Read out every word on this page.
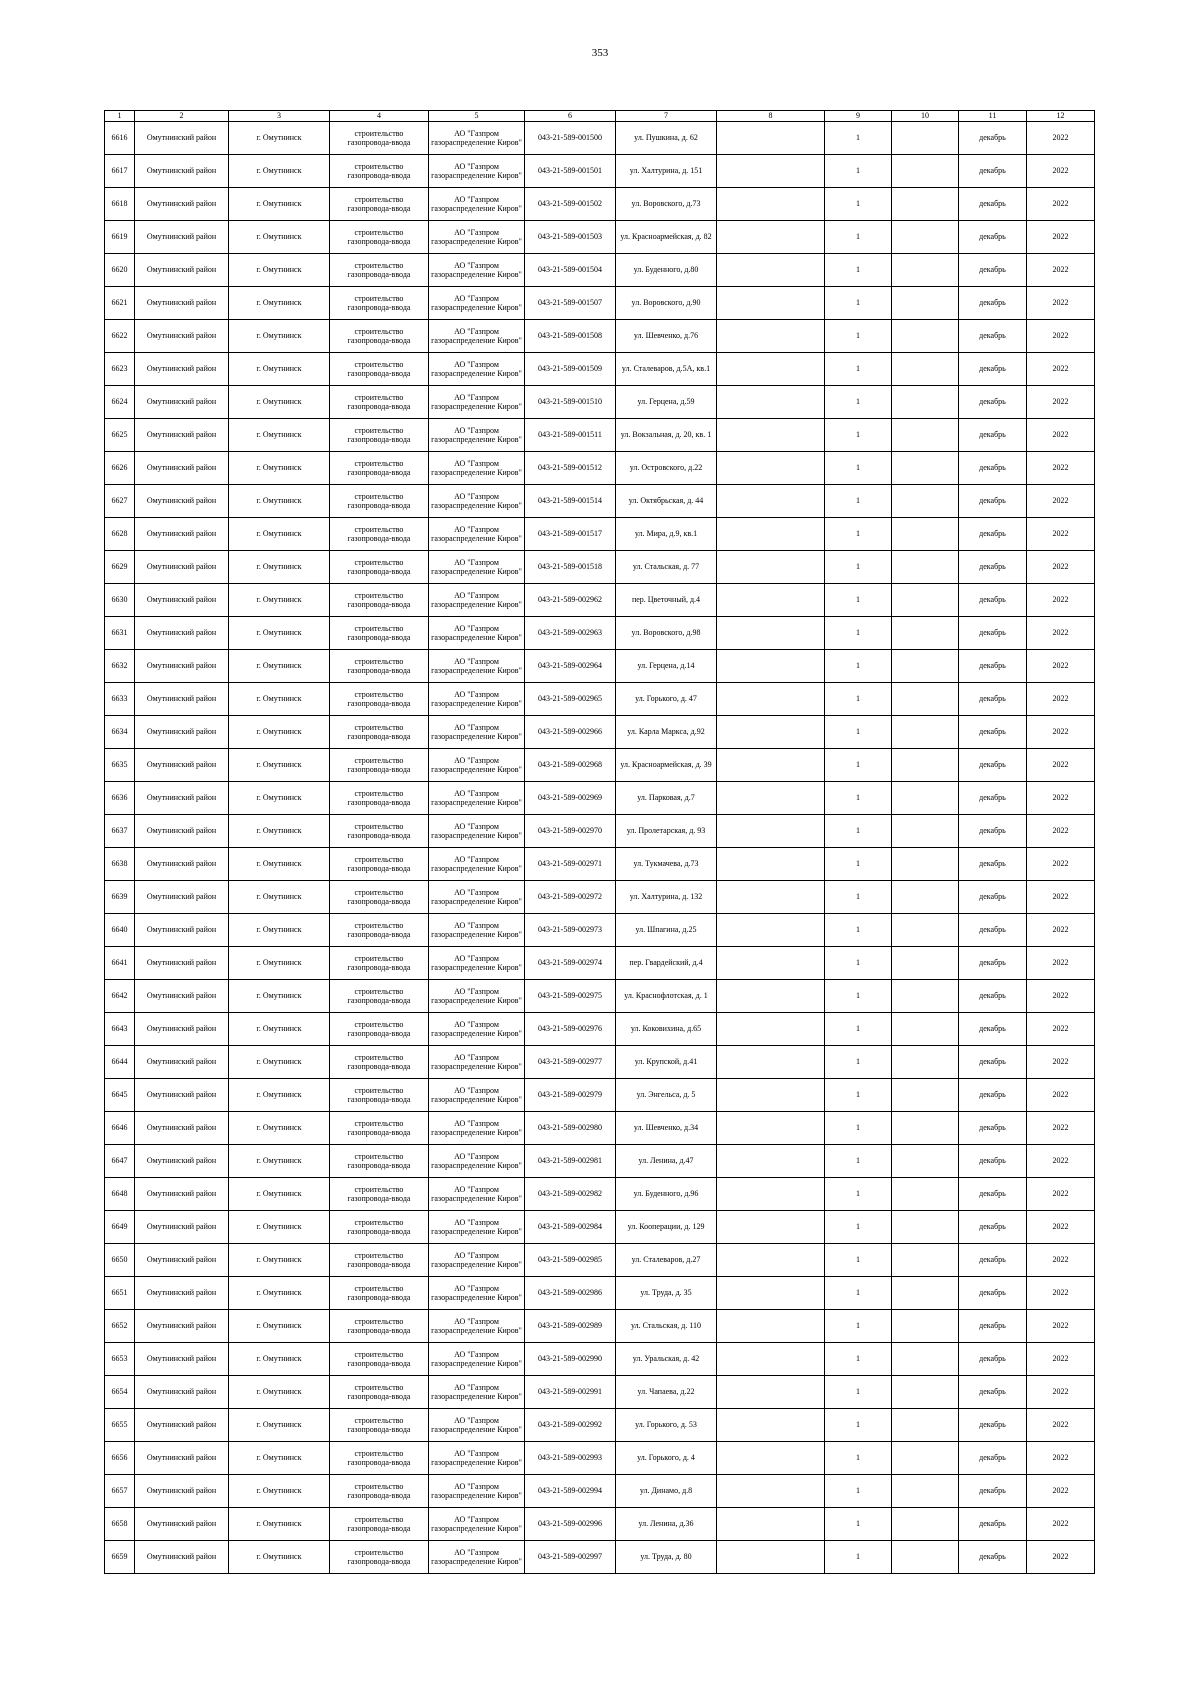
353
1	2	3	4	5	6	7	8	9	10	11	12

6616	Омутнинский район	г. Омутнинск	строительство газопровода-ввода	АО "Газпром газораспределение Киров"	043-21-589-001500	ул. Пушкина, д. 62		1		декабрь	2022

6617	Омутнинский район	г. Омутнинск	строительство газопровода-ввода	АО "Газпром газораспределение Киров"	043-21-589-001501	ул. Халтурина, д. 151		1		декабрь	2022

6618	Омутнинский район	г. Омутнинск	строительство газопровода-ввода	АО "Газпром газораспределение Киров"	043-21-589-001502	ул. Воровского, д.73		1		декабрь	2022

6619	Омутнинский район	г. Омутнинск	строительство газопровода-ввода	АО "Газпром газораспределение Киров"	043-21-589-001503	ул. Красноармейская, д. 82		1		декабрь	2022

6620	Омутнинский район	г. Омутнинск	строительство газопровода-ввода	АО "Газпром газораспределение Киров"	043-21-589-001504	ул. Буденного, д.80		1		декабрь	2022

6621	Омутнинский район	г. Омутнинск	строительство газопровода-ввода	АО "Газпром газораспределение Киров"	043-21-589-001507	ул. Воровского, д.90		1		декабрь	2022

6622	Омутнинский район	г. Омутнинск	строительство газопровода-ввода	АО "Газпром газораспределение Киров"	043-21-589-001508	ул. Шевченко, д.76		1		декабрь	2022

6623	Омутнинский район	г. Омутнинск	строительство газопровода-ввода	АО "Газпром газораспределение Киров"	043-21-589-001509	ул. Сталеваров, д.5А, кв.1		1		декабрь	2022

6624	Омутнинский район	г. Омутнинск	строительство газопровода-ввода	АО "Газпром газораспределение Киров"	043-21-589-001510	ул. Герцена, д.59		1		декабрь	2022

6625	Омутнинский район	г. Омутнинск	строительство газопровода-ввода	АО "Газпром газораспределение Киров"	043-21-589-001511	ул. Вокзальная, д. 20, кв. 1		1		декабрь	2022

6626	Омутнинский район	г. Омутнинск	строительство газопровода-ввода	АО "Газпром газораспределение Киров"	043-21-589-001512	ул. Островского, д.22		1		декабрь	2022

6627	Омутнинский район	г. Омутнинск	строительство газопровода-ввода	АО "Газпром газораспределение Киров"	043-21-589-001514	ул. Октябрьская, д. 44		1		декабрь	2022

6628	Омутнинский район	г. Омутнинск	строительство газопровода-ввода	АО "Газпром газораспределение Киров"	043-21-589-001517	ул. Мира, д.9, кв.1		1		декабрь	2022

6629	Омутнинский район	г. Омутнинск	строительство газопровода-ввода	АО "Газпром газораспределение Киров"	043-21-589-001518	ул. Стальская, д. 77		1		декабрь	2022

6630	Омутнинский район	г. Омутнинск	строительство газопровода-ввода	АО "Газпром газораспределение Киров"	043-21-589-002962	пер. Цветочный, д.4		1		декабрь	2022

6631	Омутнинский район	г. Омутнинск	строительство газопровода-ввода	АО "Газпром газораспределение Киров"	043-21-589-002963	ул. Воровского, д.98		1		декабрь	2022

6632	Омутнинский район	г. Омутнинск	строительство газопровода-ввода	АО "Газпром газораспределение Киров"	043-21-589-002964	ул. Герцена, д.14		1		декабрь	2022

6633	Омутнинский район	г. Омутнинск	строительство газопровода-ввода	АО "Газпром газораспределение Киров"	043-21-589-002965	ул. Горького, д. 47		1		декабрь	2022

6634	Омутнинский район	г. Омутнинск	строительство газопровода-ввода	АО "Газпром газораспределение Киров"	043-21-589-002966	ул. Карла Маркса, д.92		1		декабрь	2022

6635	Омутнинский район	г. Омутнинск	строительство газопровода-ввода	АО "Газпром газораспределение Киров"	043-21-589-002968	ул. Красноармейская, д. 39		1		декабрь	2022

6636	Омутнинский район	г. Омутнинск	строительство газопровода-ввода	АО "Газпром газораспределение Киров"	043-21-589-002969	ул. Парковая, д.7		1		декабрь	2022

6637	Омутнинский район	г. Омутнинск	строительство газопровода-ввода	АО "Газпром газораспределение Киров"	043-21-589-002970	ул. Пролетарская, д. 93		1		декабрь	2022

6638	Омутнинский район	г. Омутнинск	строительство газопровода-ввода	АО "Газпром газораспределение Киров"	043-21-589-002971	ул. Тукмачева, д.73		1		декабрь	2022

6639	Омутнинский район	г. Омутнинск	строительство газопровода-ввода	АО "Газпром газораспределение Киров"	043-21-589-002972	ул. Халтурина, д. 132		1		декабрь	2022

6640	Омутнинский район	г. Омутнинск	строительство газопровода-ввода	АО "Газпром газораспределение Киров"	043-21-589-002973	ул. Шпагина, д.25		1		декабрь	2022

6641	Омутнинский район	г. Омутнинск	строительство газопровода-ввода	АО "Газпром газораспределение Киров"	043-21-589-002974	пер. Гвардейский, д.4		1		декабрь	2022

6642	Омутнинский район	г. Омутнинск	строительство газопровода-ввода	АО "Газпром газораспределение Киров"	043-21-589-002975	ул. Краснофлотская, д. 1		1		декабрь	2022

6643	Омутнинский район	г. Омутнинск	строительство газопровода-ввода	АО "Газпром газораспределение Киров"	043-21-589-002976	ул. Коковихина, д.65		1		декабрь	2022

6644	Омутнинский район	г. Омутнинск	строительство газопровода-ввода	АО "Газпром газораспределение Киров"	043-21-589-002977	ул. Крупской, д.41		1		декабрь	2022

6645	Омутнинский район	г. Омутнинск	строительство газопровода-ввода	АО "Газпром газораспределение Киров"	043-21-589-002979	ул. Энгельса, д. 5		1		декабрь	2022

6646	Омутнинский район	г. Омутнинск	строительство газопровода-ввода	АО "Газпром газораспределение Киров"	043-21-589-002980	ул. Шевченко, д.34		1		декабрь	2022

6647	Омутнинский район	г. Омутнинск	строительство газопровода-ввода	АО "Газпром газораспределение Киров"	043-21-589-002981	ул. Ленина, д.47		1		декабрь	2022

6648	Омутнинский район	г. Омутнинск	строительство газопровода-ввода	АО "Газпром газораспределение Киров"	043-21-589-002982	ул. Буденного, д.96		1		декабрь	2022

6649	Омутнинский район	г. Омутнинск	строительство газопровода-ввода	АО "Газпром газораспределение Киров"	043-21-589-002984	ул. Кооперации, д. 129		1		декабрь	2022

6650	Омутнинский район	г. Омутнинск	строительство газопровода-ввода	АО "Газпром газораспределение Киров"	043-21-589-002985	ул. Сталеваров, д.27		1		декабрь	2022

6651	Омутнинский район	г. Омутнинск	строительство газопровода-ввода	АО "Газпром газораспределение Киров"	043-21-589-002986	ул. Труда, д. 35		1		декабрь	2022

6652	Омутнинский район	г. Омутнинск	строительство газопровода-ввода	АО "Газпром газораспределение Киров"	043-21-589-002989	ул. Стальская, д. 110		1		декабрь	2022

6653	Омутнинский район	г. Омутнинск	строительство газопровода-ввода	АО "Газпром газораспределение Киров"	043-21-589-002990	ул. Уральская, д. 42		1		декабрь	2022

6654	Омутнинский район	г. Омутнинск	строительство газопровода-ввода	АО "Газпром газораспределение Киров"	043-21-589-002991	ул. Чапаева, д.22		1		декабрь	2022

6655	Омутнинский район	г. Омутнинск	строительство газопровода-ввода	АО "Газпром газораспределение Киров"	043-21-589-002992	ул. Горького, д. 53		1		декабрь	2022

6656	Омутнинский район	г. Омутнинск	строительство газопровода-ввода	АО "Газпром газораспределение Киров"	043-21-589-002993	ул. Горького, д. 4		1		декабрь	2022

6657	Омутнинский район	г. Омутнинск	строительство газопровода-ввода	АО "Газпром газораспределение Киров"	043-21-589-002994	ул. Динамо, д.8		1		декабрь	2022

6658	Омутнинский район	г. Омутнинск	строительство газопровода-ввода	АО "Газпром газораспределение Киров"	043-21-589-002996	ул. Ленина, д.36		1		декабрь	2022

6659	Омутнинский район	г. Омутнинск	строительство газопровода-ввода	АО "Газпром газораспределение Киров"	043-21-589-002997	ул. Труда, д. 80		1		декабрь	2022
